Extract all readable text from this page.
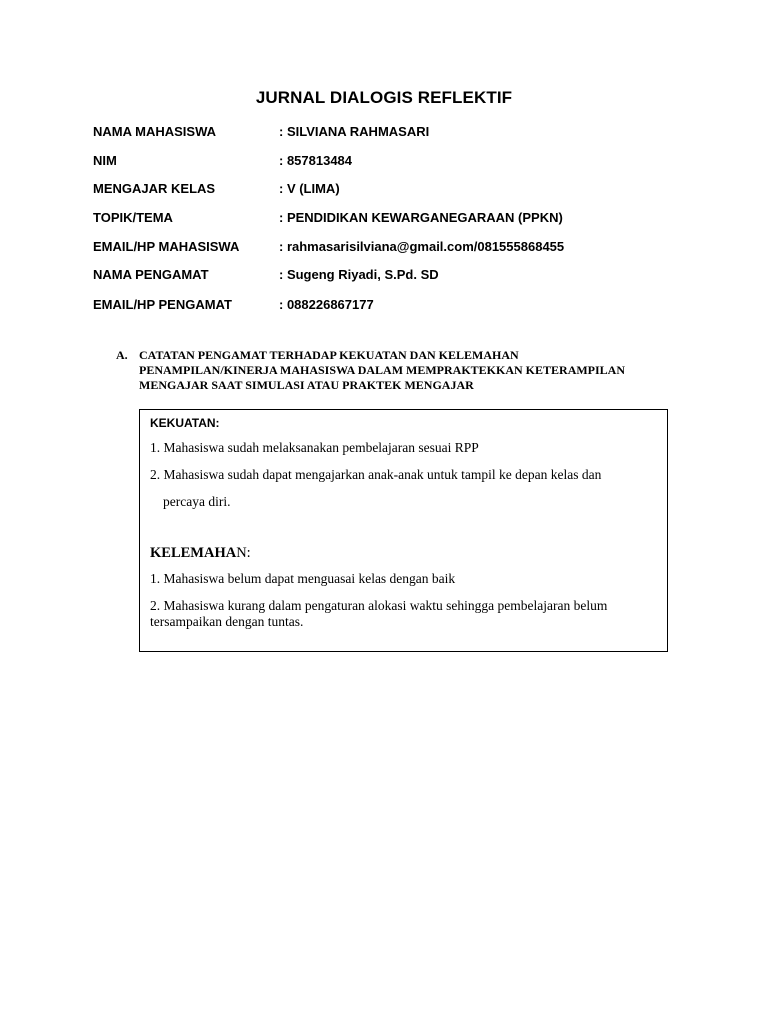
JURNAL DIALOGIS REFLEKTIF
NAMA MAHASISWA	: SILVIANA RAHMASARI
NIM	: 857813484
MENGAJAR KELAS	: V (LIMA)
TOPIK/TEMA	: PENDIDIKAN KEWARGANEGARAAN (PPKN)
EMAIL/HP MAHASISWA	: rahmasarisilviana@gmail.com/081555868455
NAMA PENGAMAT	: Sugeng Riyadi, S.Pd. SD
EMAIL/HP PENGAMAT	: 088226867177
A. CATATAN PENGAMAT TERHADAP KEKUATAN DAN KELEMAHAN
PENAMPILAN/KINERJA MAHASISWA DALAM MEMPRAKTEKKAN KETERAMPILAN
MENGAJAR SAAT SIMULASI ATAU PRAKTEK MENGAJAR
KEKUATAN:
1. Mahasiswa sudah melaksanakan pembelajaran sesuai RPP
2. Mahasiswa sudah dapat mengajarkan anak-anak untuk tampil ke depan kelas dan
percaya diri.
KELEMAHAN:
1. Mahasiswa belum dapat menguasai kelas dengan baik
2. Mahasiswa kurang dalam pengaturan alokasi waktu sehingga pembelajaran belum
tersampaikan dengan tuntas.
